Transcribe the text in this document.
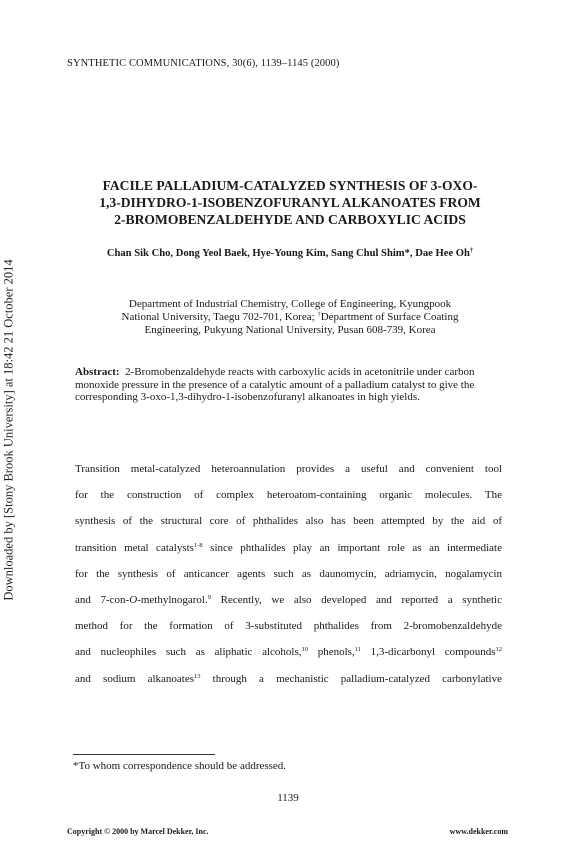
Downloaded by [Stony Brook University] at 18:42 21 October 2014
SYNTHETIC COMMUNICATIONS, 30(6), 1139–1145 (2000)
FACILE PALLADIUM-CATALYZED SYNTHESIS OF 3-OXO-
1,3-DIHYDRO-1-ISOBENZOFURANYL ALKANOATES FROM
2-BROMOBENZALDEHYDE AND CARBOXYLIC ACIDS
Chan Sik Cho, Dong Yeol Baek, Hye-Young Kim, Sang Chul Shim*, Dae Hee Oh†
Department of Industrial Chemistry, College of Engineering, Kyungpook
National University, Taegu 702-701, Korea; †Department of Surface Coating
Engineering, Pukyung National University, Pusan 608-739, Korea
Abstract: 2-Bromobenzaldehyde reacts with carboxylic acids in acetonitrile under carbon monoxide pressure in the presence of a catalytic amount of a palladium catalyst to give the corresponding 3-oxo-1,3-dihydro-1-isobenzofuranyl alkanoates in high yields.
Transition metal-catalyzed heteroannulation provides a useful and convenient tool
for the construction of complex heteroatom-containing organic molecules. The
synthesis of the structural core of phthalides also has been attempted by the aid of
transition metal catalysts$^{1-8}$ since phthalides play an important role as an intermediate
for the synthesis of anticancer agents such as daunomycin, adriamycin, nogalamycin
and 7-con-O-methylnogarol.$^9$ Recently, we also developed and reported a synthetic
method for the formation of 3-substituted phthalides from 2-bromobenzaldehyde
and nucleophiles such as aliphatic alcohols,$^{10}$ phenols,$^{11}$ 1,3-dicarbonyl compounds$^{12}$
and sodium alkanoates$^{13}$ through a mechanistic palladium-catalyzed carbonylative
*To whom correspondence should be addressed.
1139
Copyright © 2000 by Marcel Dekker, Inc.	www.dekker.com
